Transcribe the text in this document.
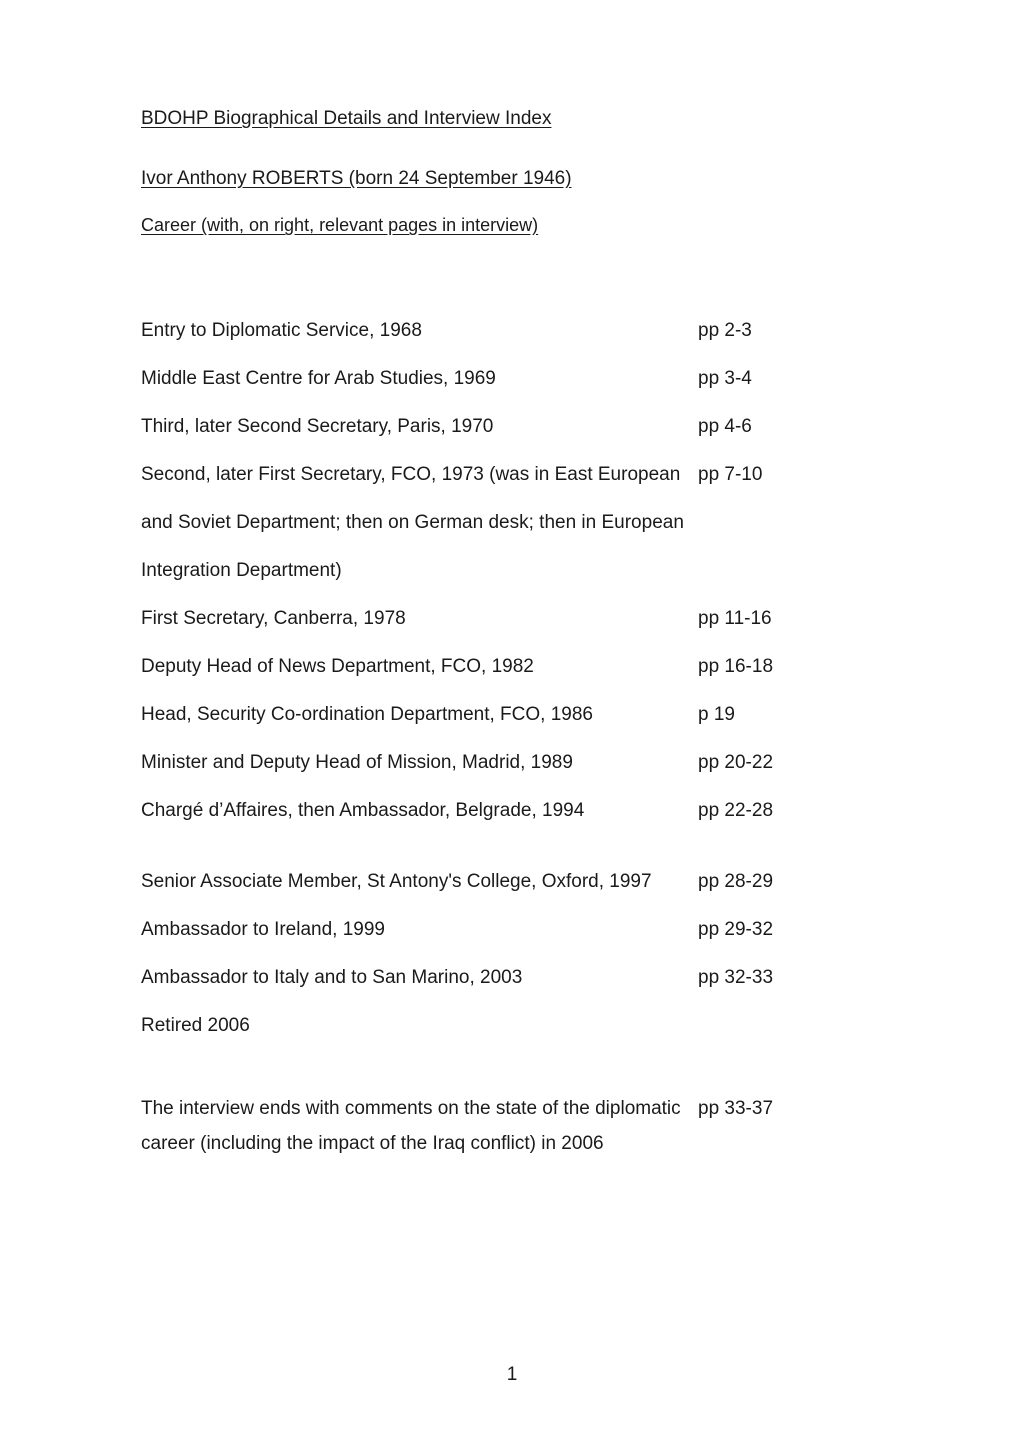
BDOHP Biographical Details and Interview Index
Ivor Anthony ROBERTS (born 24 September 1946)
Career (with, on right, relevant pages in interview)
Entry to Diplomatic Service, 1968	pp 2-3
Middle East Centre for Arab Studies, 1969	pp 3-4
Third, later Second Secretary, Paris, 1970	pp 4-6
Second, later First Secretary, FCO, 1973 (was in East European pp 7-10
and Soviet Department; then on German desk; then in European
Integration Department)
First Secretary, Canberra, 1978	pp 11-16
Deputy Head of News Department, FCO, 1982	pp 16-18
Head, Security Co-ordination Department, FCO, 1986	p 19
Minister and Deputy Head of Mission, Madrid, 1989	pp 20-22
Chargé d’Affaires, then Ambassador, Belgrade, 1994	pp 22-28
Senior Associate Member, St Antony's College, Oxford, 1997	pp 28-29
Ambassador to Ireland, 1999	pp 29-32
Ambassador to Italy and to San Marino, 2003	pp 32-33
Retired 2006
The interview ends with comments on the state of the diplomatic pp 33-37
career (including the impact of the Iraq conflict) in 2006
1
